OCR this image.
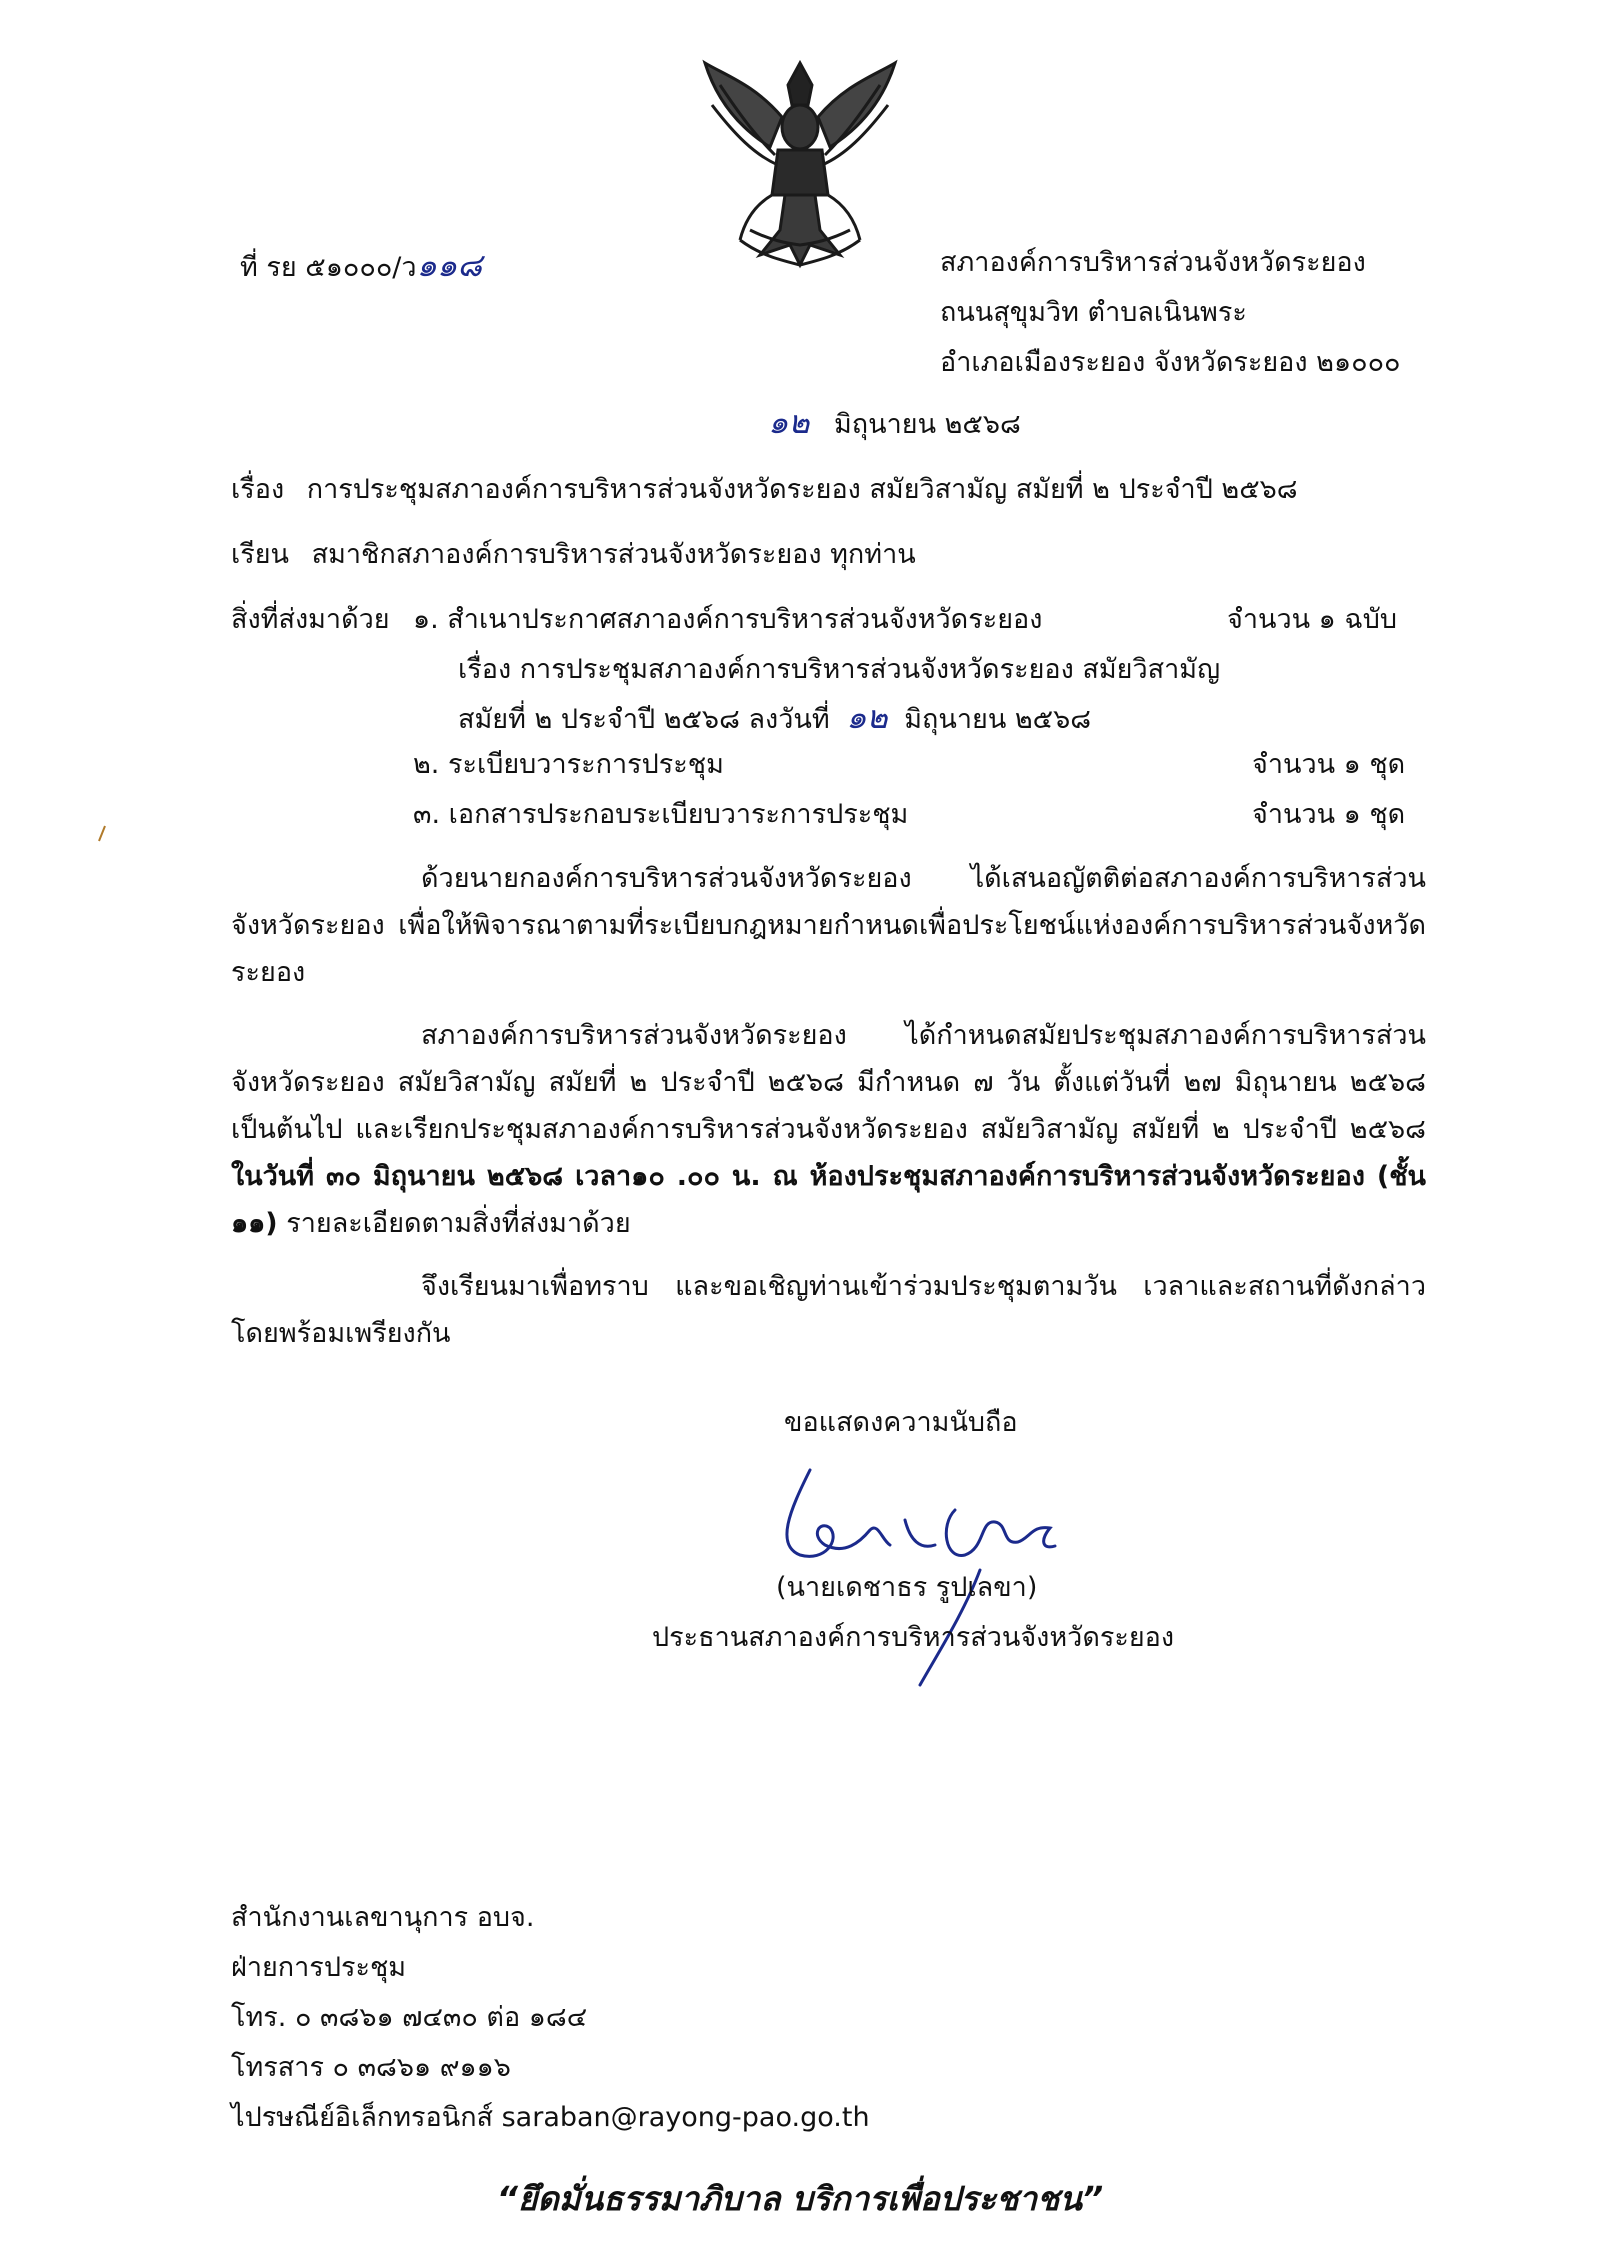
ที่ รย ๕๑๐๐๐/ว๑๑๘	สภาองค์การบริหารส่วนจังหวัดระยอง
ถนนสุขุมวิท ตำบลเนินพระ
อำเภอเมืองระยอง จังหวัดระยอง ๒๑๐๐๐
๑๒ มิถุนายน ๒๕๖๘
เรื่อง การประชุมสภาองค์การบริหารส่วนจังหวัดระยอง สมัยวิสามัญ สมัยที่ ๒ ประจำปี ๒๕๖๘
เรียน สมาชิกสภาองค์การบริหารส่วนจังหวัดระยอง ทุกท่าน
สิ่งที่ส่งมาด้วย ๑. สำเนาประกาศสภาองค์การบริหารส่วนจังหวัดระยอง	จำนวน ๑ ฉบับ
เรื่อง การประชุมสภาองค์การบริหารส่วนจังหวัดระยอง สมัยวิสามัญ
สมัยที่ ๒ ประจำปี ๒๕๖๘ ลงวันที่ ๑๒ มิถุนายน ๒๕๖๘
๒. ระเบียบวาระการประชุม	จำนวน ๑ ชุด
๓. เอกสารประกอบระเบียบวาระการประชุม	จำนวน ๑ ชุด
ด้วยนายกองค์การบริหารส่วนจังหวัดระยอง ได้เสนอญัตติต่อสภาองค์การบริหารส่วนจังหวัดระยอง เพื่อให้พิจารณาตามที่ระเบียบกฎหมายกำหนดเพื่อประโยชน์แห่งองค์การบริหารส่วนจังหวัดระยอง
สภาองค์การบริหารส่วนจังหวัดระยอง ได้กำหนดสมัยประชุมสภาองค์การบริหารส่วนจังหวัดระยอง สมัยวิสามัญ สมัยที่ ๒ ประจำปี ๒๕๖๘ มีกำหนด ๗ วัน ตั้งแต่วันที่ ๒๗ มิถุนายน ๒๕๖๘ เป็นต้นไป และเรียกประชุมสภาองค์การบริหารส่วนจังหวัดระยอง สมัยวิสามัญ สมัยที่ ๒ ประจำปี ๒๕๖๘ ในวันที่ ๓๐ มิถุนายน ๒๕๖๘ เวลา๑๐ .๐๐ น. ณ ห้องประชุมสภาองค์การบริหารส่วนจังหวัดระยอง (ชั้น ๑๑) รายละเอียดตามสิ่งที่ส่งมาด้วย
จึงเรียนมาเพื่อทราบ และขอเชิญท่านเข้าร่วมประชุมตามวัน เวลาและสถานที่ดังกล่าวโดยพร้อมเพรียงกัน
ขอแสดงความนับถือ
(นายเดชาธร รูปเลขา)
ประธานสภาองค์การบริหารส่วนจังหวัดระยอง
สำนักงานเลขานุการ อบจ.
ฝ่ายการประชุม
โทร. ๐ ๓๘๖๑ ๗๔๓๐ ต่อ ๑๘๔
โทรสาร ๐ ๓๘๖๑ ๙๑๑๖
ไปรษณีย์อิเล็กทรอนิกส์ saraban@rayong-pao.go.th
“ยึดมั่นธรรมาภิบาล บริการเพื่อประชาชน”
